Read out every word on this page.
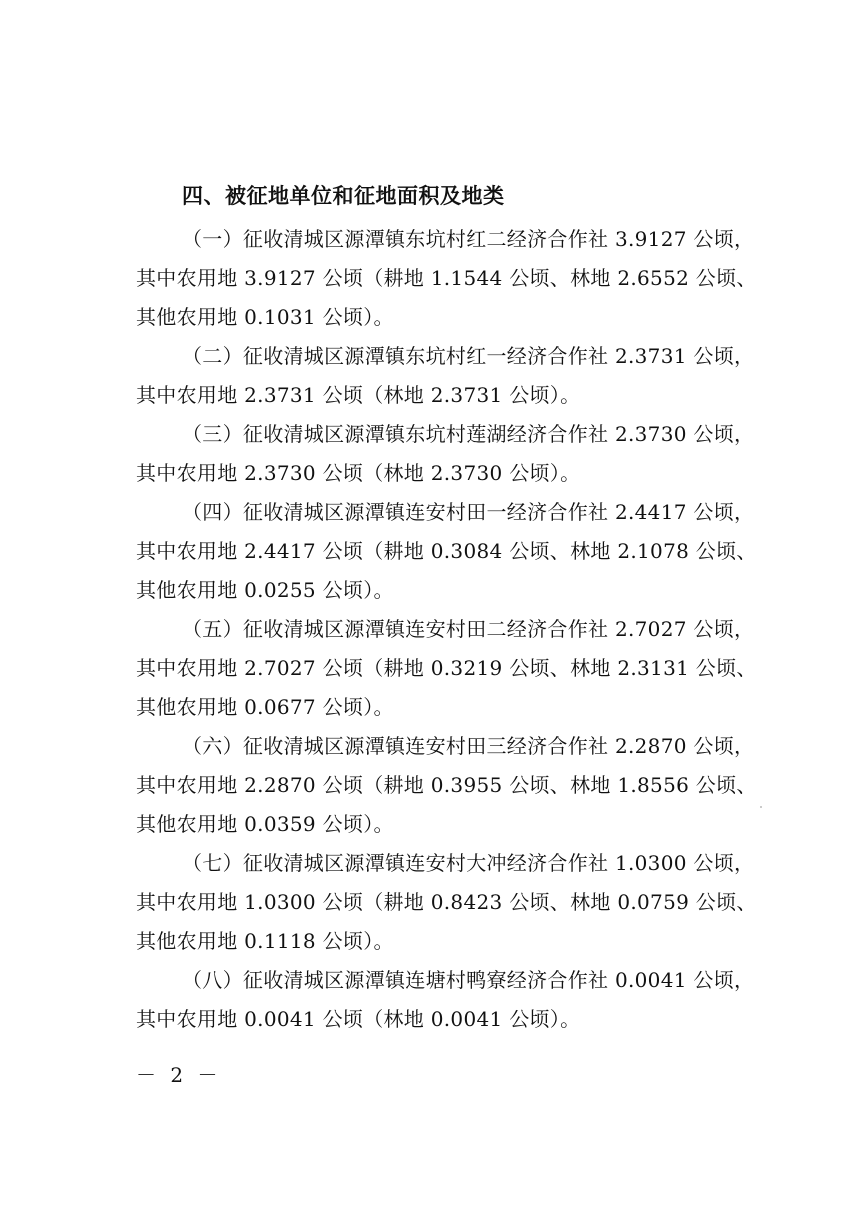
四、被征地单位和征地面积及地类
（一）征收清城区源潭镇东坑村红二经济合作社 3.9127 公顷，
其中农用地 3.9127 公顷（耕地 1.1544 公顷、林地 2.6552 公顷、
其他农用地 0.1031 公顷）。
（二）征收清城区源潭镇东坑村红一经济合作社 2.3731 公顷，
其中农用地 2.3731 公顷（林地 2.3731 公顷）。
（三）征收清城区源潭镇东坑村莲湖经济合作社 2.3730 公顷，
其中农用地 2.3730 公顷（林地 2.3730 公顷）。
（四）征收清城区源潭镇连安村田一经济合作社 2.4417 公顷，
其中农用地 2.4417 公顷（耕地 0.3084 公顷、林地 2.1078 公顷、
其他农用地 0.0255 公顷）。
（五）征收清城区源潭镇连安村田二经济合作社 2.7027 公顷，
其中农用地 2.7027 公顷（耕地 0.3219 公顷、林地 2.3131 公顷、
其他农用地 0.0677 公顷）。
（六）征收清城区源潭镇连安村田三经济合作社 2.2870 公顷，
其中农用地 2.2870 公顷（耕地 0.3955 公顷、林地 1.8556 公顷、
其他农用地 0.0359 公顷）。
（七）征收清城区源潭镇连安村大冲经济合作社 1.0300 公顷，
其中农用地 1.0300 公顷（耕地 0.8423 公顷、林地 0.0759 公顷、
其他农用地 0.1118 公顷）。
（八）征收清城区源潭镇连塘村鸭寮经济合作社 0.0041 公顷，
其中农用地 0.0041 公顷（林地 0.0041 公顷）。
－ 2 －
